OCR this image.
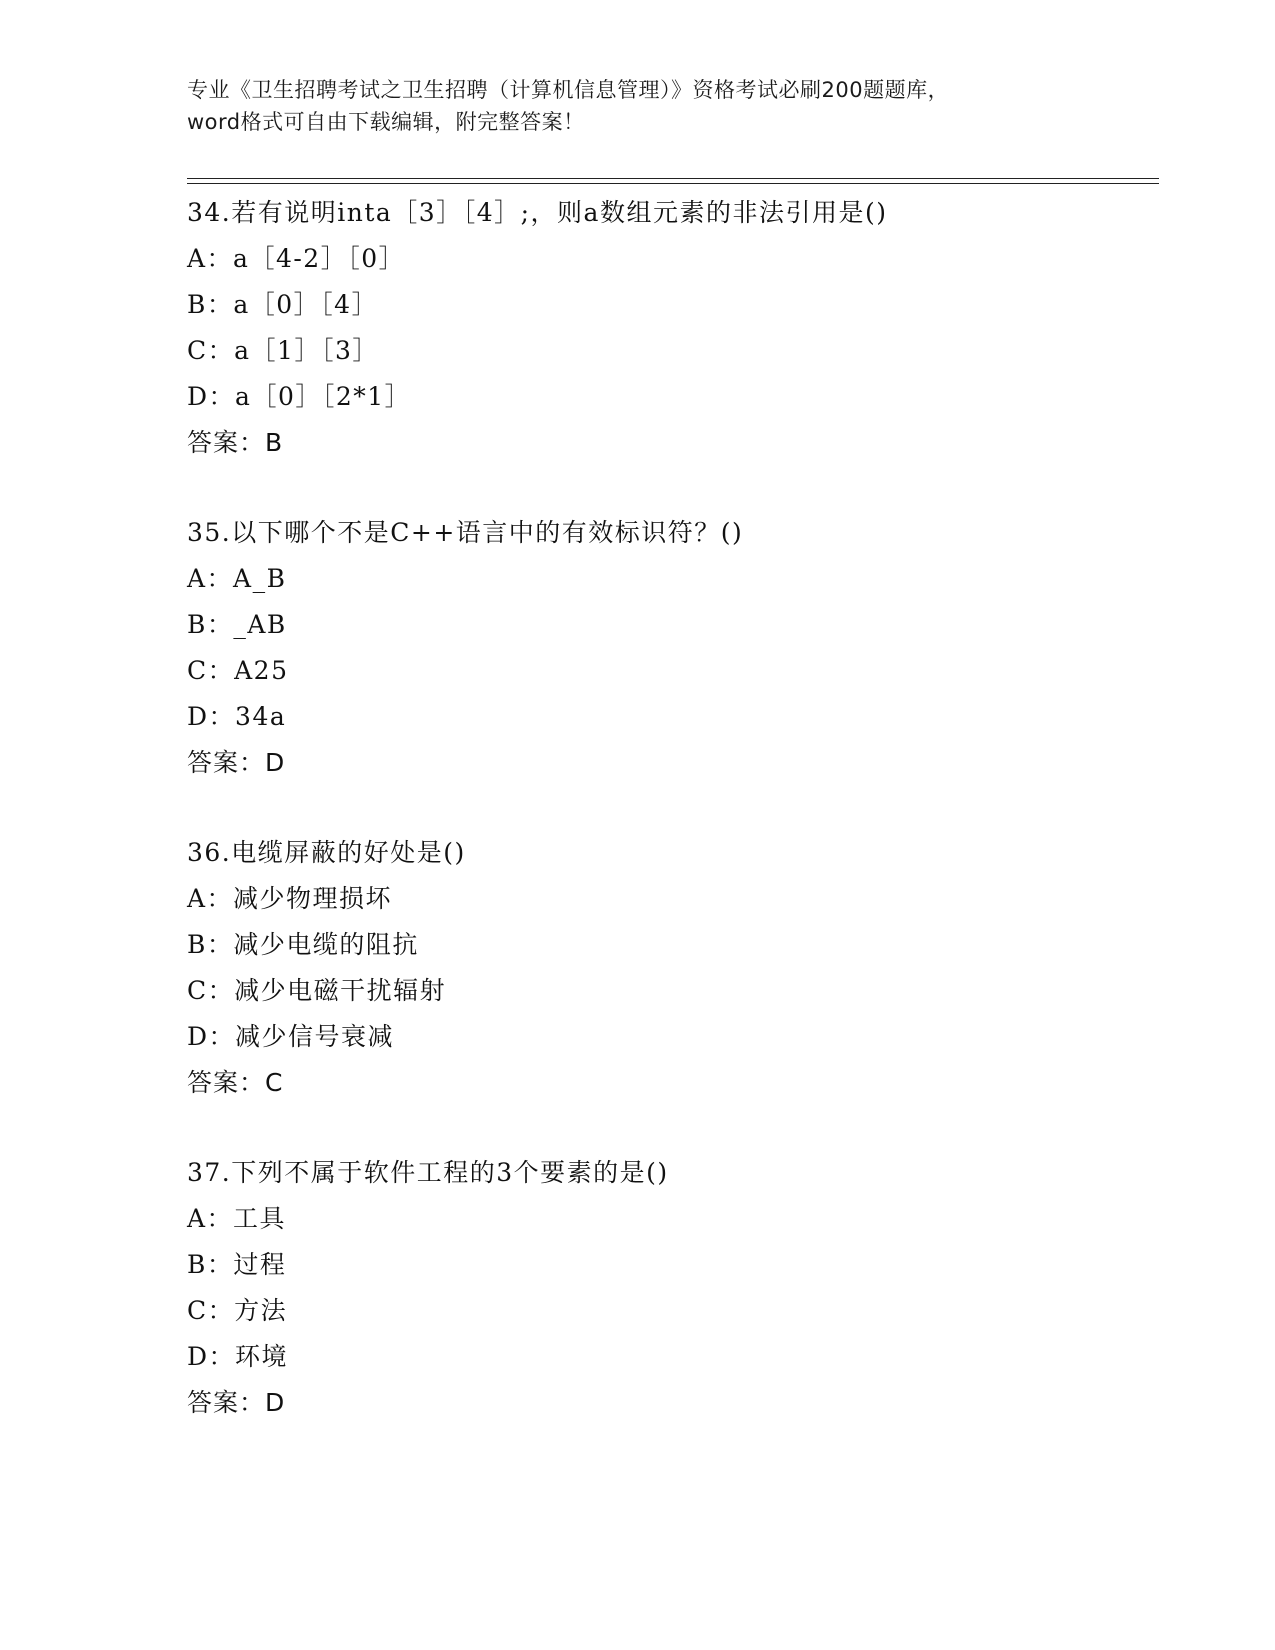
专业《卫生招聘考试之卫生招聘（计算机信息管理）》资格考试必刷200题题库，
word格式可自由下载编辑，附完整答案！
34.若有说明inta［3］［4］;，则a数组元素的非法引用是()
A：a［4-2］［0］
B：a［0］［4］
C：a［1］［3］
D：a［0］［2*1］
答案：B
35.以下哪个不是C++语言中的有效标识符？()
A：A_B
B：_AB
C：A25
D：34a
答案：D
36.电缆屏蔽的好处是()
A：减少物理损坏
B：减少电缆的阻抗
C：减少电磁干扰辐射
D：减少信号衰减
答案：C
37.下列不属于软件工程的3个要素的是()
A：工具
B：过程
C：方法
D：环境
答案：D
